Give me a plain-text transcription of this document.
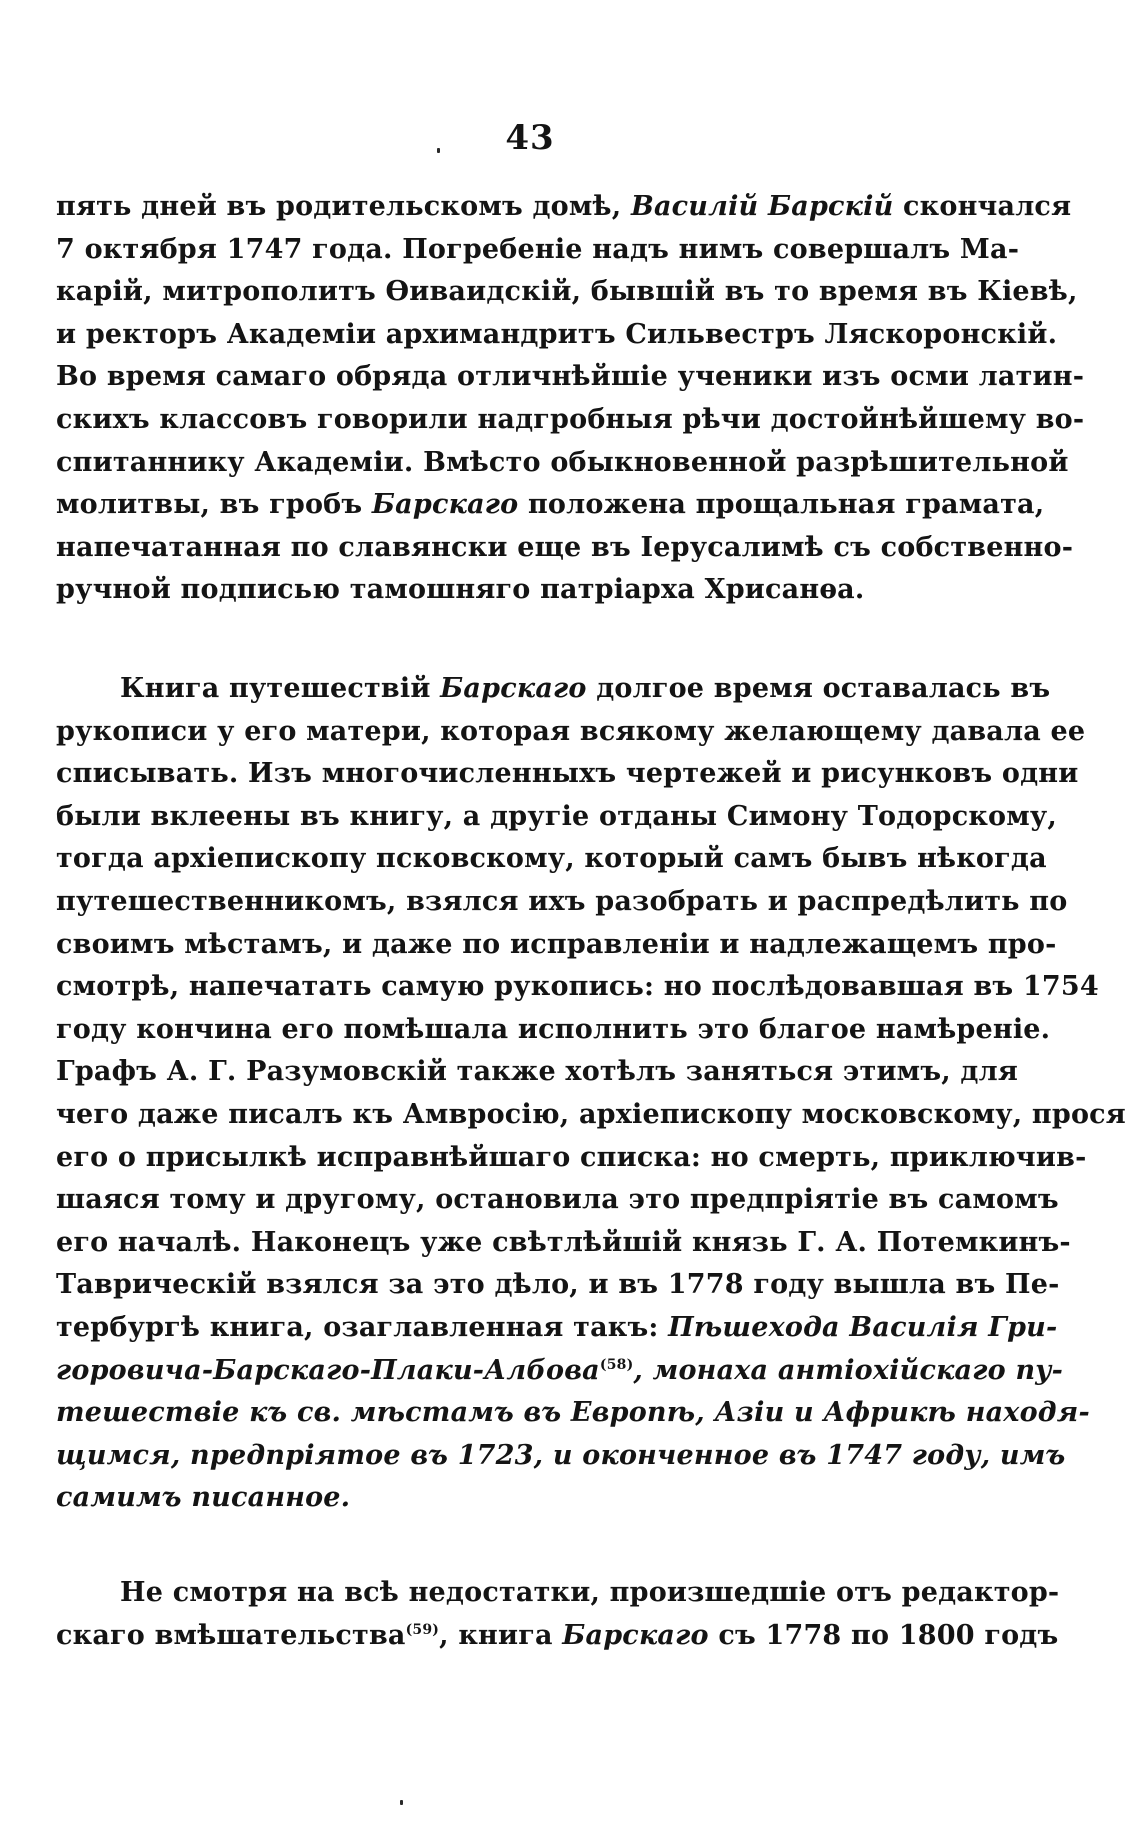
43
пять дней въ родительскомъ домѣ, Василій Барскій скончался
7 октября 1747 года. Погребеніе надъ нимъ совершалъ Ма-
карій, митрополитъ Ѳиваидскій, бывшій въ то время въ Кіевѣ,
и ректоръ Академіи архимандритъ Сильвестръ Ляскоронскій.
Во время самаго обряда отличнѣйшіе ученики изъ осми латин-
скихъ классовъ говорили надгробныя рѣчи достойнѣйшему во-
спитаннику Академіи. Вмѣсто обыкновенной разрѣшительной
молитвы, въ гробъ Барскаго положена прощальная грамата,
напечатанная по славянски еще въ Іерусалимѣ съ собственно-
ручной подписью тамошняго патріарха Хрисанѳа.
Книга путешествій Барскаго долгое время оставалась въ
рукописи у его матери, которая всякому желающему давала ее
списывать. Изъ многочисленныхъ чертежей и рисунковъ одни
были вклеены въ книгу, а другіе отданы Симону Тодорскому,
тогда архіепископу псковскому, который самъ бывъ нѣкогда
путешественникомъ, взялся ихъ разобрать и распредѣлить по
своимъ мѣстамъ, и даже по исправленіи и надлежащемъ про-
смотрѣ, напечатать самую рукопись: но послѣдовавшая въ 1754
году кончина его помѣшала исполнить это благое намѣреніе.
Графъ А. Г. Разумовскій также хотѣлъ заняться этимъ, для
чего даже писалъ къ Амвросію, архіепископу московскому, прося
его о присылкѣ исправнѣйшаго списка: но смерть, приключив-
шаяся тому и другому, остановила это предпріятіе въ самомъ
его началѣ. Наконецъ уже свѣтлѣйшій князь Г. А. Потемкинъ-
Таврическій взялся за это дѣло, и въ 1778 году вышла въ Пе-
тербургѣ книга, озаглавленная такъ: Пѣшехода Василія Гри-
горовича-Барскаго-Плаки-Албова$^{(58)}$, монаха антіохійскаго пу-
тешествіе къ св. мѣстамъ въ Европѣ, Азіи и Африкѣ находя-
щимся, предпріятое въ 1723, и оконченное въ 1747 году, имъ
самимъ писанное.
Не смотря на всѣ недостатки, произшедшіе отъ редактор-
скаго вмѣшательства$^{(59)}$, книга Барскаго съ 1778 по 1800 годъ
